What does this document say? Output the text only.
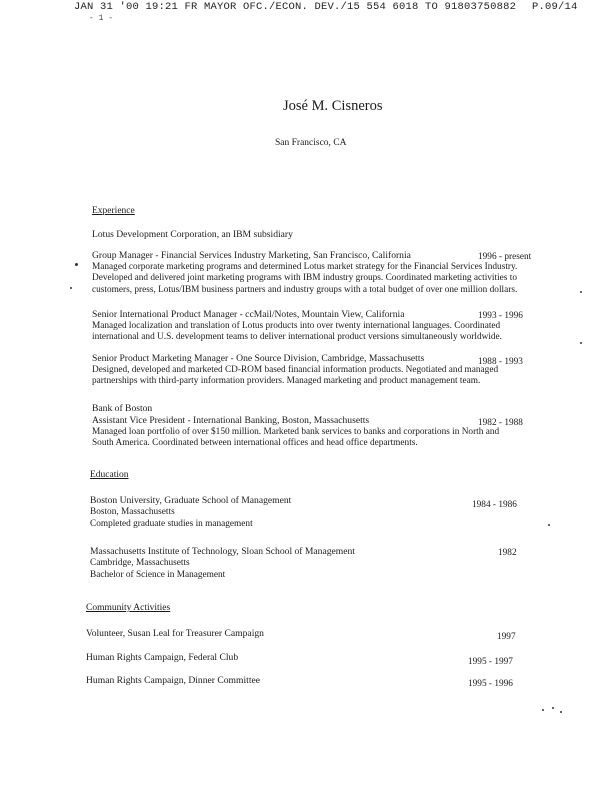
JAN 31 '00 19:21 FR MAYOR OFC./ECON. DEV./15 554 6018 TO 91803750882 P.09/14
- 1 -
José M. Cisneros
San Francisco, CA
Experience
Lotus Development Corporation, an IBM subsidiary
Group Manager - Financial Services Industry Marketing, San Francisco, California	1996 - present
Managed corporate marketing programs and determined Lotus market strategy for the Financial Services Industry.
Developed and delivered joint marketing programs with IBM industry groups. Coordinated marketing activities to
customers, press, Lotus/IBM business partners and industry groups with a total budget of over one million dollars.
Senior International Product Manager - ccMail/Notes, Mountain View, California	1993 - 1996
Managed localization and translation of Lotus products into over twenty international languages. Coordinated
international and U.S. development teams to deliver international product versions simultaneously worldwide.
Senior Product Marketing Manager - One Source Division, Cambridge, Massachusetts	1988 - 1993
Designed, developed and marketed CD-ROM based financial information products. Negotiated and managed
partnerships with third-party information providers. Managed marketing and product management team.
Bank of Boston
Assistant Vice President - International Banking, Boston, Massachusetts	1982 - 1988
Managed loan portfolio of over $150 million. Marketed bank services to banks and corporations in North and
South America. Coordinated between international offices and head office departments.
Education
Boston University, Graduate School of Management	1984 - 1986
Boston, Massachusetts
Completed graduate studies in management
Massachusetts Institute of Technology, Sloan School of Management	1982
Cambridge, Massachusetts
Bachelor of Science in Management
Community Activities
Volunteer, Susan Leal for Treasurer Campaign	1997
Human Rights Campaign, Federal Club	1995 - 1997
Human Rights Campaign, Dinner Committee	1995 - 1996
